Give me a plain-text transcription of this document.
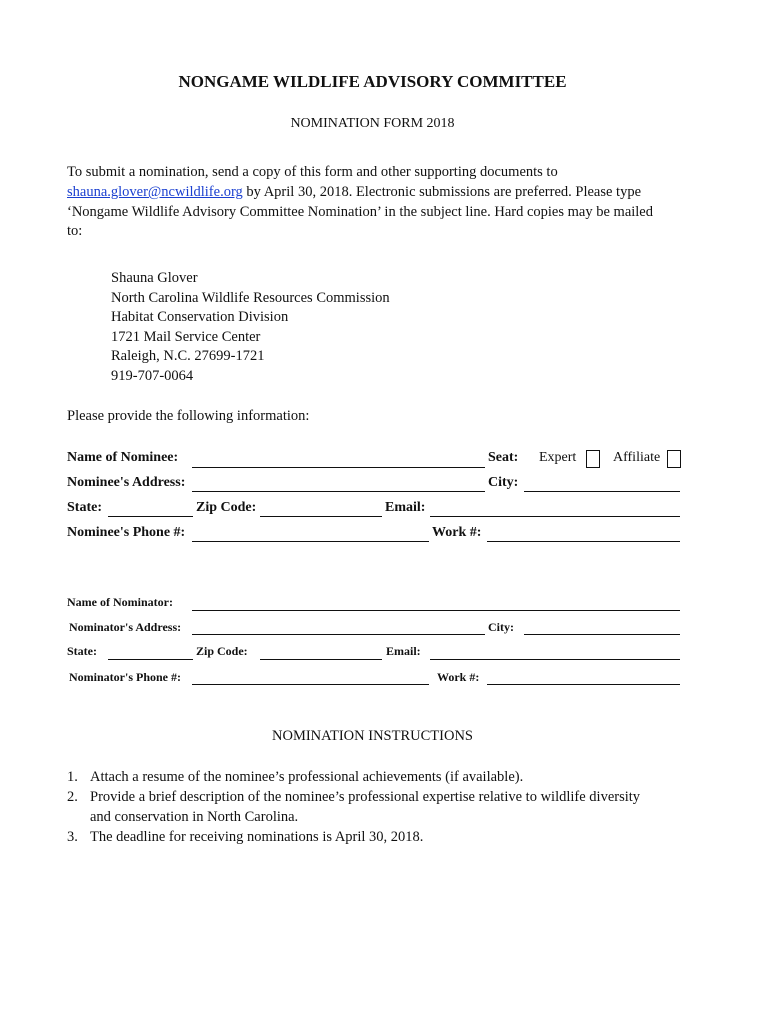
NONGAME WILDLIFE ADVISORY COMMITTEE
NOMINATION FORM 2018
To submit a nomination, send a copy of this form and other supporting documents to
shauna.glover@ncwildlife.org by April 30, 2018. Electronic submissions are preferred. Please type
‘Nongame Wildlife Advisory Committee Nomination’ in the subject line. Hard copies may be mailed
to:
Shauna Glover
North Carolina Wildlife Resources Commission
Habitat Conservation Division
1721 Mail Service Center
Raleigh, N.C. 27699-1721
919-707-0064
Please provide the following information:
Name of Nominee:	Seat: Expert	Affiliate
Nominee's Address:	City:
State:	Zip Code:	Email:
Nominee's Phone #:	Work #:
Name of Nominator:
Nominator's Address:	City:
State:	Zip Code:	Email:
Nominator's Phone #:	Work #:
NOMINATION INSTRUCTIONS
1. Attach a resume of the nominee’s professional achievements (if available).
2. Provide a brief description of the nominee’s professional expertise relative to wildlife diversity
and conservation in North Carolina.
3. The deadline for receiving nominations is April 30, 2018.
